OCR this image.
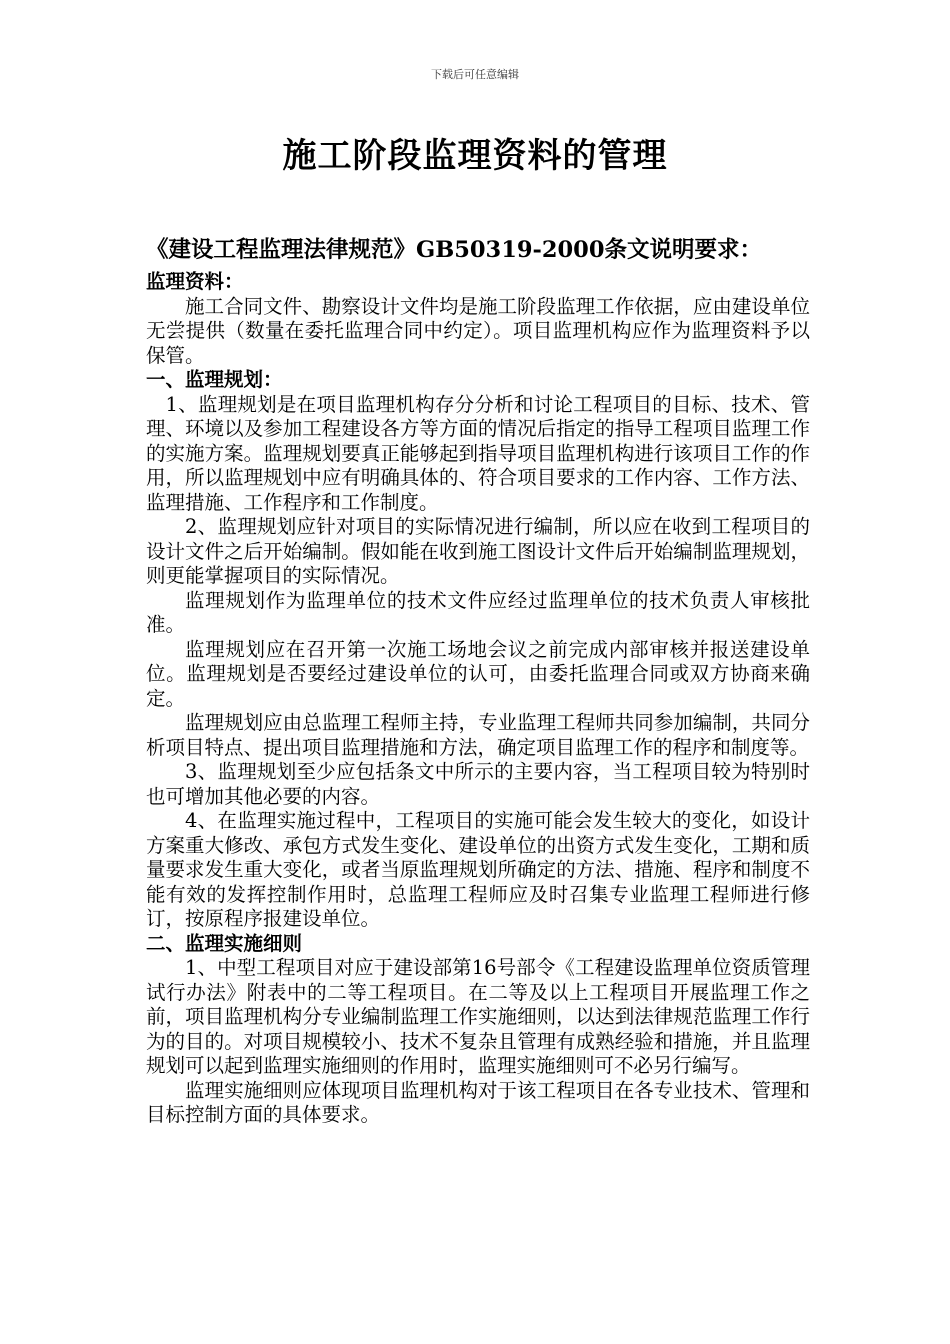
下载后可任意编辑
施工阶段监理资料的管理
《建设工程监理法律规范》GB50319-2000条文说明要求：

监理资料：

施工合同文件、勘察设计文件均是施工阶段监理工作依据，应由建设单位无尝提供（数量在委托监理合同中约定）。项目监理机构应作为监理资料予以保管。

一、监理规划：

1、监理规划是在项目监理机构存分分析和讨论工程项目的目标、技术、管理、环境以及参加工程建设各方等方面的情况后指定的指导工程项目监理工作的实施方案。监理规划要真正能够起到指导项目监理机构进行该项目工作的作用，所以监理规划中应有明确具体的、符合项目要求的工作内容、工作方法、监理措施、工作程序和工作制度。

2、监理规划应针对项目的实际情况进行编制，所以应在收到工程项目的设计文件之后开始编制。假如能在收到施工图设计文件后开始编制监理规划，则更能掌握项目的实际情况。

监理规划作为监理单位的技术文件应经过监理单位的技术负责人审核批准。

监理规划应在召开第一次施工场地会议之前完成内部审核并报送建设单位。监理规划是否要经过建设单位的认可，由委托监理合同或双方协商来确定。

监理规划应由总监理工程师主持，专业监理工程师共同参加编制，共同分析项目特点、提出项目监理措施和方法，确定项目监理工作的程序和制度等。

3、监理规划至少应包括条文中所示的主要内容，当工程项目较为特别时也可增加其他必要的内容。

4、在监理实施过程中，工程项目的实施可能会发生较大的变化，如设计方案重大修改、承包方式发生变化、建设单位的出资方式发生变化，工期和质量要求发生重大变化，或者当原监理规划所确定的方法、措施、程序和制度不能有效的发挥控制作用时，总监理工程师应及时召集专业监理工程师进行修订，按原程序报建设单位。

二、监理实施细则

1、中型工程项目对应于建设部第16号部令《工程建设监理单位资质管理试行办法》附表中的二等工程项目。在二等及以上工程项目开展监理工作之前，项目监理机构分专业编制监理工作实施细则，以达到法律规范监理工作行为的目的。对项目规模较小、技术不复杂且管理有成熟经验和措施，并且监理规划可以起到监理实施细则的作用时，监理实施细则可不必另行编写。

监理实施细则应体现项目监理机构对于该工程项目在各专业技术、管理和目标控制方面的具体要求。
